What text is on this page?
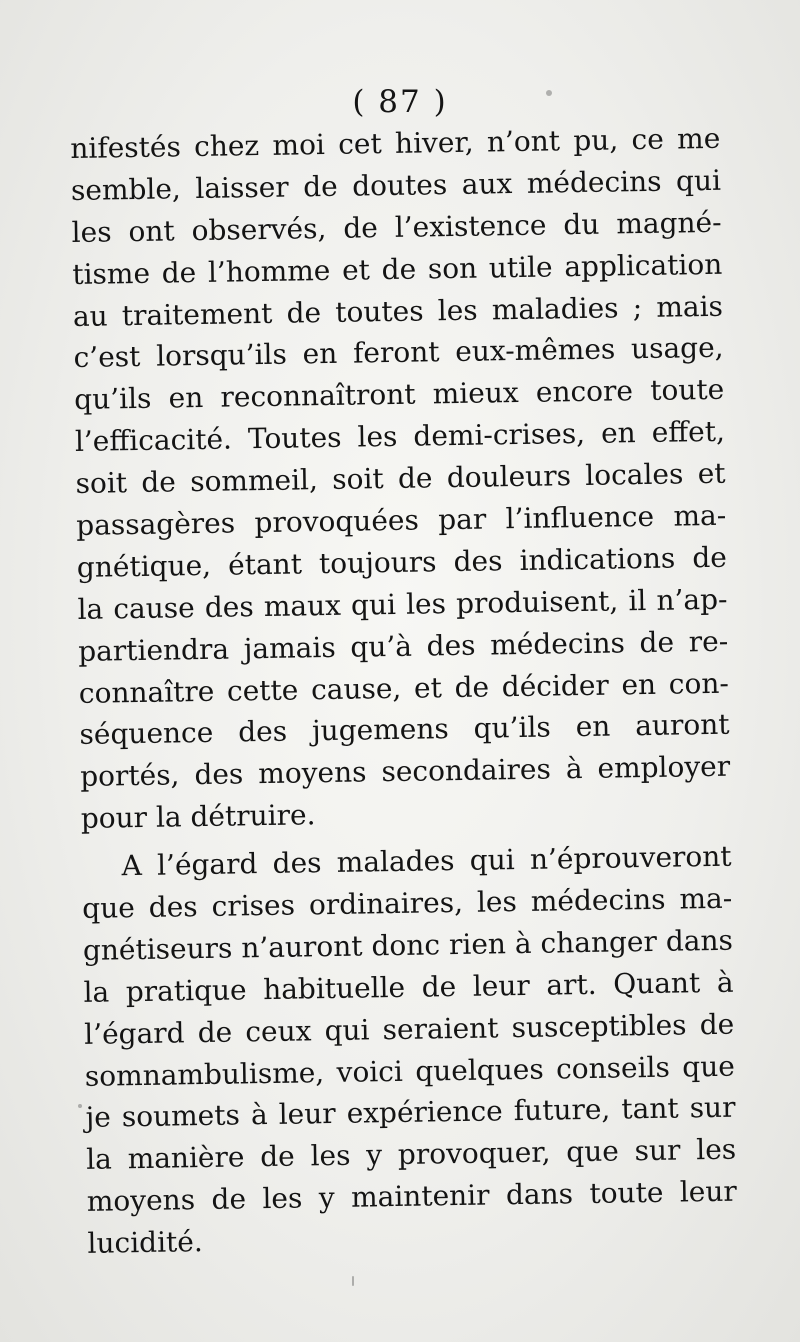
( 87 )
nifestés chez moi cet hiver, n’ont pu, ce me
semble, laisser de doutes aux médecins qui
les ont observés, de l’existence du magné-
tisme de l’homme et de son utile application
au traitement de toutes les maladies ; mais
c’est lorsqu’ils en feront eux-mêmes usage,
qu’ils en reconnaîtront mieux encore toute
l’efficacité. Toutes les demi-crises, en effet,
soit de sommeil, soit de douleurs locales et
passagères provoquées par l’influence ma-
gnétique, étant toujours des indications de
la cause des maux qui les produisent, il n’ap-
partiendra jamais qu’à des médecins de re-
connaître cette cause, et de décider en con-
séquence des jugemens qu’ils en auront
portés, des moyens secondaires à employer
pour la détruire.
A l’égard des malades qui n’éprouveront
que des crises ordinaires, les médecins ma-
gnétiseurs n’auront donc rien à changer dans
la pratique habituelle de leur art. Quant à
l’égard de ceux qui seraient susceptibles de
somnambulisme, voici quelques conseils que
je soumets à leur expérience future, tant sur
la manière de les y provoquer, que sur les
moyens de les y maintenir dans toute leur
lucidité.
